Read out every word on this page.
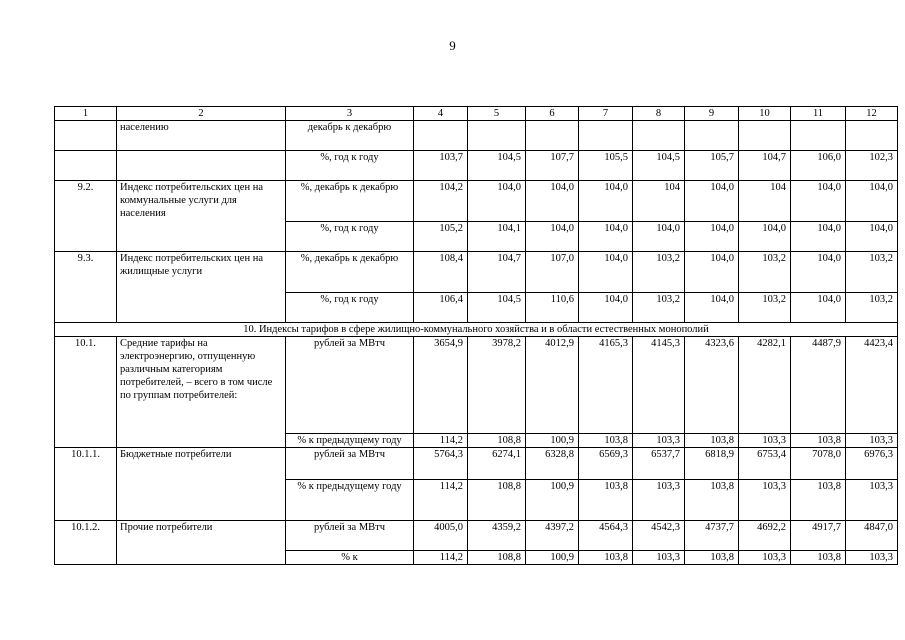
9
1	2	3	4	5	6	7	8	9	10	11	12
	населению	декабрь к декабрю									
		%, год к году	103,7	104,5	107,7	105,5	104,5	105,7	104,7	106,0	102,3
9.2.	Индекс потребительских цен на коммунальные услуги для населения	%, декабрь к декабрю	104,2	104,0	104,0	104,0	104	104,0	104	104,0	104,0
		%, год к году	105,2	104,1	104,0	104,0	104,0	104,0	104,0	104,0	104,0
9.3.	Индекс потребительских цен на жилищные услуги	%, декабрь к декабрю	108,4	104,7	107,0	104,0	103,2	104,0	103,2	104,0	103,2
		%, год к году	106,4	104,5	110,6	104,0	103,2	104,0	103,2	104,0	103,2
10. Индексы тарифов в сфере жилищно-коммунального хозяйства и в области естественных монополий											
10.1.	Средние тарифы на электроэнергию, отпущенную различным категориям потребителей, – всего в том числе по группам потребителей:	рублей за МВтч	3654,9	3978,2	4012,9	4165,3	4145,3	4323,6	4282,1	4487,9	4423,4
		% к предыдущему году	114,2	108,8	100,9	103,8	103,3	103,8	103,3	103,8	103,3
10.1.1.	Бюджетные потребители	рублей за МВтч	5764,3	6274,1	6328,8	6569,3	6537,7	6818,9	6753,4	7078,0	6976,3
		% к предыдущему году	114,2	108,8	100,9	103,8	103,3	103,8	103,3	103,8	103,3
10.1.2.	Прочие потребители	рублей за МВтч	4005,0	4359,2	4397,2	4564,3	4542,3	4737,7	4692,2	4917,7	4847,0
		% к	114,2	108,8	100,9	103,8	103,3	103,8	103,3	103,8	103,3
